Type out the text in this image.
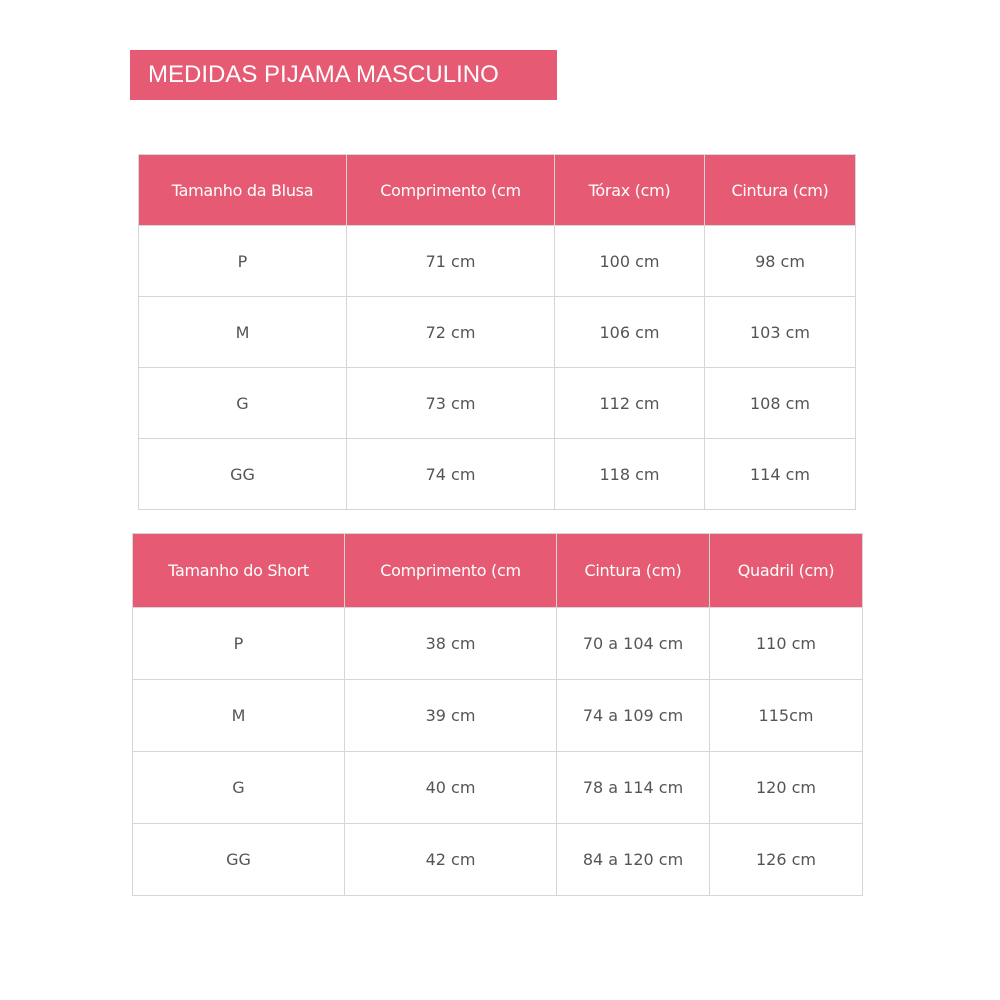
MEDIDAS PIJAMA MASCULINO
Tamanho da Blusa	Comprimento (cm	Tórax (cm)	Cintura (cm)
P	71 cm	100 cm	98 cm
M	72 cm	106 cm	103 cm
G	73 cm	112 cm	108 cm
GG	74 cm	118 cm	114 cm
Tamanho do Short	Comprimento (cm	Cintura (cm)	Quadril (cm)
P	38 cm	70 a 104 cm	110 cm
M	39 cm	74 a 109 cm	115cm
G	40 cm	78 a 114 cm	120 cm
GG	42 cm	84 a 120 cm	126 cm
